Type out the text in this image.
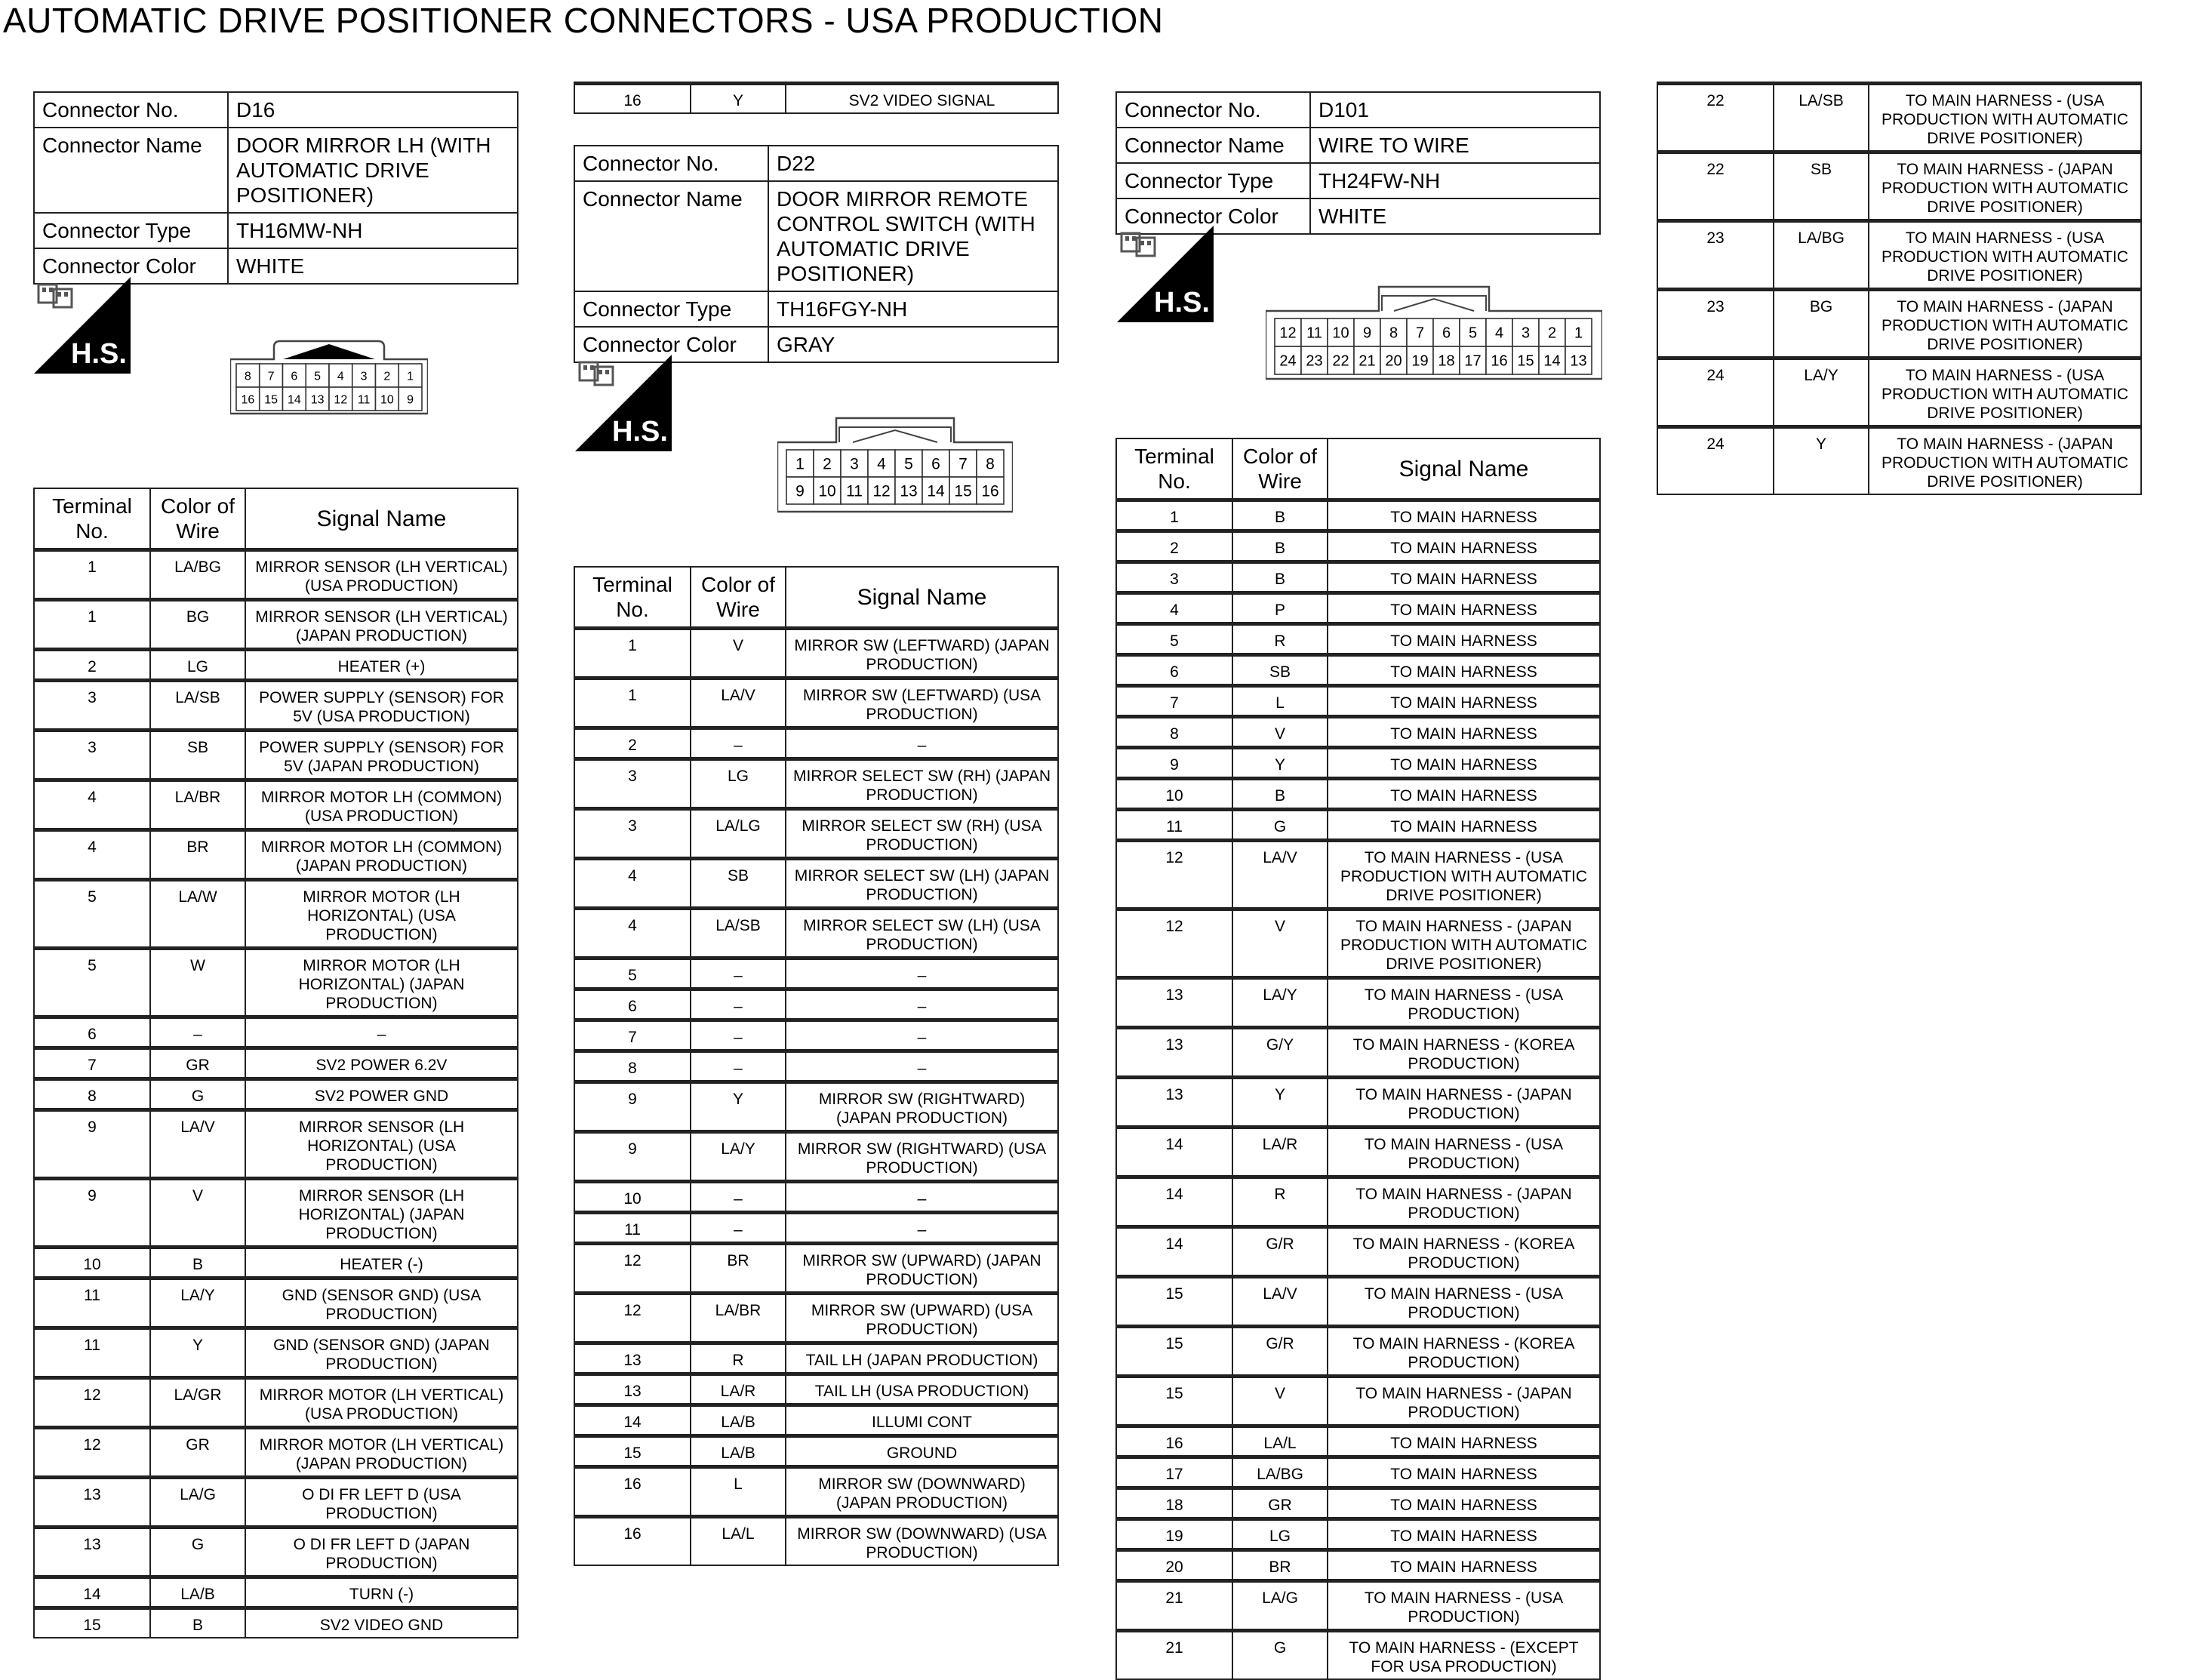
AUTOMATIC DRIVE POSITIONER CONNECTORS - USA PRODUCTION
Connector No.	D16
Connector Name	DOOR MIRROR LH (WITH AUTOMATIC DRIVE POSITIONER)
Connector Type	TH16MW-NH
Connector Color	WHITE
H.S.
8 7 6 5 4 3 2 1
16 15 14 13 12 11 10 9
Terminal No.	Color of Wire	Signal Name
1	LA/BG	MIRROR SENSOR (LH VERTICAL) (USA PRODUCTION)
1	BG	MIRROR SENSOR (LH VERTICAL) (JAPAN PRODUCTION)
2	LG	HEATER (+)
3	LA/SB	POWER SUPPLY (SENSOR) FOR 5V (USA PRODUCTION)
3	SB	POWER SUPPLY (SENSOR) FOR 5V (JAPAN PRODUCTION)
4	LA/BR	MIRROR MOTOR LH (COMMON) (USA PRODUCTION)
4	BR	MIRROR MOTOR LH (COMMON) (JAPAN PRODUCTION)
5	LA/W	MIRROR MOTOR (LH HORIZONTAL) (USA PRODUCTION)
5	W	MIRROR MOTOR (LH HORIZONTAL) (JAPAN PRODUCTION)
6	–	–
7	GR	SV2 POWER 6.2V
8	G	SV2 POWER GND
9	LA/V	MIRROR SENSOR (LH HORIZONTAL) (USA PRODUCTION)
9	V	MIRROR SENSOR (LH HORIZONTAL) (JAPAN PRODUCTION)
10	B	HEATER (-)
11	LA/Y	GND (SENSOR GND) (USA PRODUCTION)
11	Y	GND (SENSOR GND) (JAPAN PRODUCTION)
12	LA/GR	MIRROR MOTOR (LH VERTICAL) (USA PRODUCTION)
12	GR	MIRROR MOTOR (LH VERTICAL) (JAPAN PRODUCTION)
13	LA/G	O DI FR LEFT D (USA PRODUCTION)
13	G	O DI FR LEFT D (JAPAN PRODUCTION)
14	LA/B	TURN (-)
15	B	SV2 VIDEO GND
16	Y	SV2 VIDEO SIGNAL
Connector No.	D22
Connector Name	DOOR MIRROR REMOTE CONTROL SWITCH (WITH AUTOMATIC DRIVE POSITIONER)
Connector Type	TH16FGY-NH
Connector Color	GRAY
H.S.
1 2 3 4 5 6 7 8
9 10 11 12 13 14 15 16
Terminal No.	Color of Wire	Signal Name
1	V	MIRROR SW (LEFTWARD) (JAPAN PRODUCTION)
1	LA/V	MIRROR SW (LEFTWARD) (USA PRODUCTION)
2	–	–
3	LG	MIRROR SELECT SW (RH) (JAPAN PRODUCTION)
3	LA/LG	MIRROR SELECT SW (RH) (USA PRODUCTION)
4	SB	MIRROR SELECT SW (LH) (JAPAN PRODUCTION)
4	LA/SB	MIRROR SELECT SW (LH) (USA PRODUCTION)
5	–	–
6	–	–
7	–	–
8	–	–
9	Y	MIRROR SW (RIGHTWARD) (JAPAN PRODUCTION)
9	LA/Y	MIRROR SW (RIGHTWARD) (USA PRODUCTION)
10	–	–
11	–	–
12	BR	MIRROR SW (UPWARD) (JAPAN PRODUCTION)
12	LA/BR	MIRROR SW (UPWARD) (USA PRODUCTION)
13	R	TAIL LH (JAPAN PRODUCTION)
13	LA/R	TAIL LH (USA PRODUCTION)
14	LA/B	ILLUMI CONT
15	LA/B	GROUND
16	L	MIRROR SW (DOWNWARD) (JAPAN PRODUCTION)
16	LA/L	MIRROR SW (DOWNWARD) (USA PRODUCTION)
Connector No.	D101
Connector Name	WIRE TO WIRE
Connector Type	TH24FW-NH
Connector Color	WHITE
H.S.
12 11 10 9 8 7 6 5 4 3 2 1
24 23 22 21 20 19 18 17 16 15 14 13
Terminal No.	Color of Wire	Signal Name
1	B	TO MAIN HARNESS
2	B	TO MAIN HARNESS
3	B	TO MAIN HARNESS
4	P	TO MAIN HARNESS
5	R	TO MAIN HARNESS
6	SB	TO MAIN HARNESS
7	L	TO MAIN HARNESS
8	V	TO MAIN HARNESS
9	Y	TO MAIN HARNESS
10	B	TO MAIN HARNESS
11	G	TO MAIN HARNESS
12	LA/V	TO MAIN HARNESS - (USA PRODUCTION WITH AUTOMATIC DRIVE POSITIONER)
12	V	TO MAIN HARNESS - (JAPAN PRODUCTION WITH AUTOMATIC DRIVE POSITIONER)
13	LA/Y	TO MAIN HARNESS - (USA PRODUCTION)
13	G/Y	TO MAIN HARNESS - (KOREA PRODUCTION)
13	Y	TO MAIN HARNESS - (JAPAN PRODUCTION)
14	LA/R	TO MAIN HARNESS - (USA PRODUCTION)
14	R	TO MAIN HARNESS - (JAPAN PRODUCTION)
14	G/R	TO MAIN HARNESS - (KOREA PRODUCTION)
15	LA/V	TO MAIN HARNESS - (USA PRODUCTION)
15	G/R	TO MAIN HARNESS - (KOREA PRODUCTION)
15	V	TO MAIN HARNESS - (JAPAN PRODUCTION)
16	LA/L	TO MAIN HARNESS
17	LA/BG	TO MAIN HARNESS
18	GR	TO MAIN HARNESS
19	LG	TO MAIN HARNESS
20	BR	TO MAIN HARNESS
21	LA/G	TO MAIN HARNESS - (USA PRODUCTION)
21	G	TO MAIN HARNESS - (EXCEPT FOR USA PRODUCTION)
22	LA/SB	TO MAIN HARNESS - (USA PRODUCTION WITH AUTOMATIC DRIVE POSITIONER)
22	SB	TO MAIN HARNESS - (JAPAN PRODUCTION WITH AUTOMATIC DRIVE POSITIONER)
23	LA/BG	TO MAIN HARNESS - (USA PRODUCTION WITH AUTOMATIC DRIVE POSITIONER)
23	BG	TO MAIN HARNESS - (JAPAN PRODUCTION WITH AUTOMATIC DRIVE POSITIONER)
24	LA/Y	TO MAIN HARNESS - (USA PRODUCTION WITH AUTOMATIC DRIVE POSITIONER)
24	Y	TO MAIN HARNESS - (JAPAN PRODUCTION WITH AUTOMATIC DRIVE POSITIONER)
